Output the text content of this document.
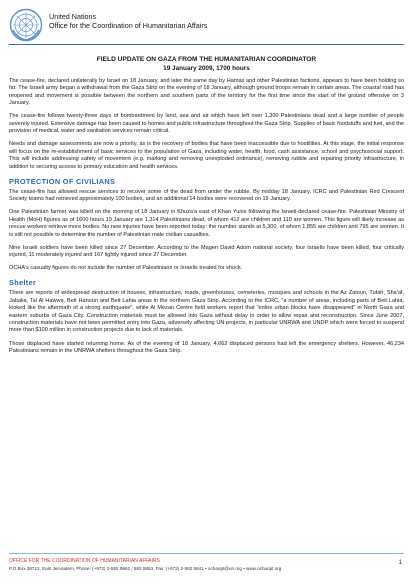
United Nations
Office for the Coordination of Humanitarian Affairs
FIELD UPDATE ON GAZA FROM THE HUMANITARIAN COORDINATOR
19 January 2009, 1700 hours

The cease-fire, declared unilaterally by Israel on 18 January, and later the same day by Hamas and other Palestinian factions, appears to have been holding so far. The Israeli army began a withdrawal from the Gaza Strip on the evening of 18 January, although ground troops remain in certain areas. The coastal road has reopened and movement is possible between the northern and southern parts of the territory for the first time since the start of the ground offensive on 3 January.

The cease-fire follows twenty-three days of bombardment by land, sea and air which have left over 1,300 Palestinians dead and a large number of people severely injured. Extensive damage has been caused to homes and public infrastructure throughout the Gaza Strip. Supplies of basic foodstuffs and fuel, and the provision of medical, water and sanitation services remain critical.

Needs and damage assessments are now a priority, as is the recovery of bodies that have been inaccessible due to hostilities. At this stage, the initial response will focus on the re-establishment of basic services to the population of Gaza, including water, health, food, cash assistance, school and psychosocial support. This will include addressing safety of movement (e.g. marking and removing unexploded ordinance), removing rubble and repairing priority infrastructure, in addition to securing access to primary education and health services.

PROTECTION OF CIVILIANS

The cease-fire has allowed rescue services to recover some of the dead from under the rubble. By midday 18 January, ICRC and Palestinian Red Crescent Society teams had retrieved approximately 100 bodies, and an additional 14 bodies were recovered on 19 January.

One Palestinian farmer was killed on the morning of 18 January in Khuza'a east of Khan Yunis following the Israeli-declared cease-fire. Palestinian Ministry of Health (MoH) figures as of 1600 hours 19 January are 1,314 Palestinians dead, of whom 412 are children and 110 are women. This figure will likely increase as rescue workers retrieve more bodies. No new injuries have been reported today: the number stands at 5,300, of whom 1,855 are children and 795 are women. It is still not possible to determine the number of Palestinian male civilian casualties.

Nine Israeli soldiers have been killed since 27 December. According to the Magen David Adom national society, four Israelis have been killed, four critically injured, 11 moderately injured and 167 lightly injured since 27 December.

OCHA's casualty figures do not include the number of Palestinians or Israelis treated for shock.

Shelter

There are reports of widespread destruction of houses, infrastructure, roads, greenhouses, cemeteries, mosques and schools in the Az Zatoun, Tufah, Sha'af, Jabalia, Tal Al Hawwa, Beit Hanoun and Beit Lahia areas in the northern Gaza Strip. According to the ICRC, "a number of areas, including parts of Beit Lahia, looked like the aftermath of a strong earthquake", while Al Mezan Centre field workers report that "entire urban blocks have disappeared" in North Gaza and eastern suburbs of Gaza City. Construction materials must be allowed into Gaza without delay in order to allow repair and reconstruction. Since June 2007, construction materials have not been permitted entry into Gaza, adversely affecting UN projects, in particular UNRWA and UNDP which were forced to suspend more than $100 million in construction projects due to lack of materials.

Those displaced have started returning home. As of the evening of 18 January, 4,662 displaced persons had left the emergency shelters. However, 46,234 Palestinians remain in the UNRWA shelters throughout the Gaza Strip.

OFFICE FOR THE COORDINATION OF HUMANITARIAN AFFAIRS
P.O.Box 38712, East Jerusalem, Phone: (+972) 2-582 9962 / 582 5853, Fax: (+972) 2-582 5841 • ochaopt@un.org • www.ochaopt.org
1
